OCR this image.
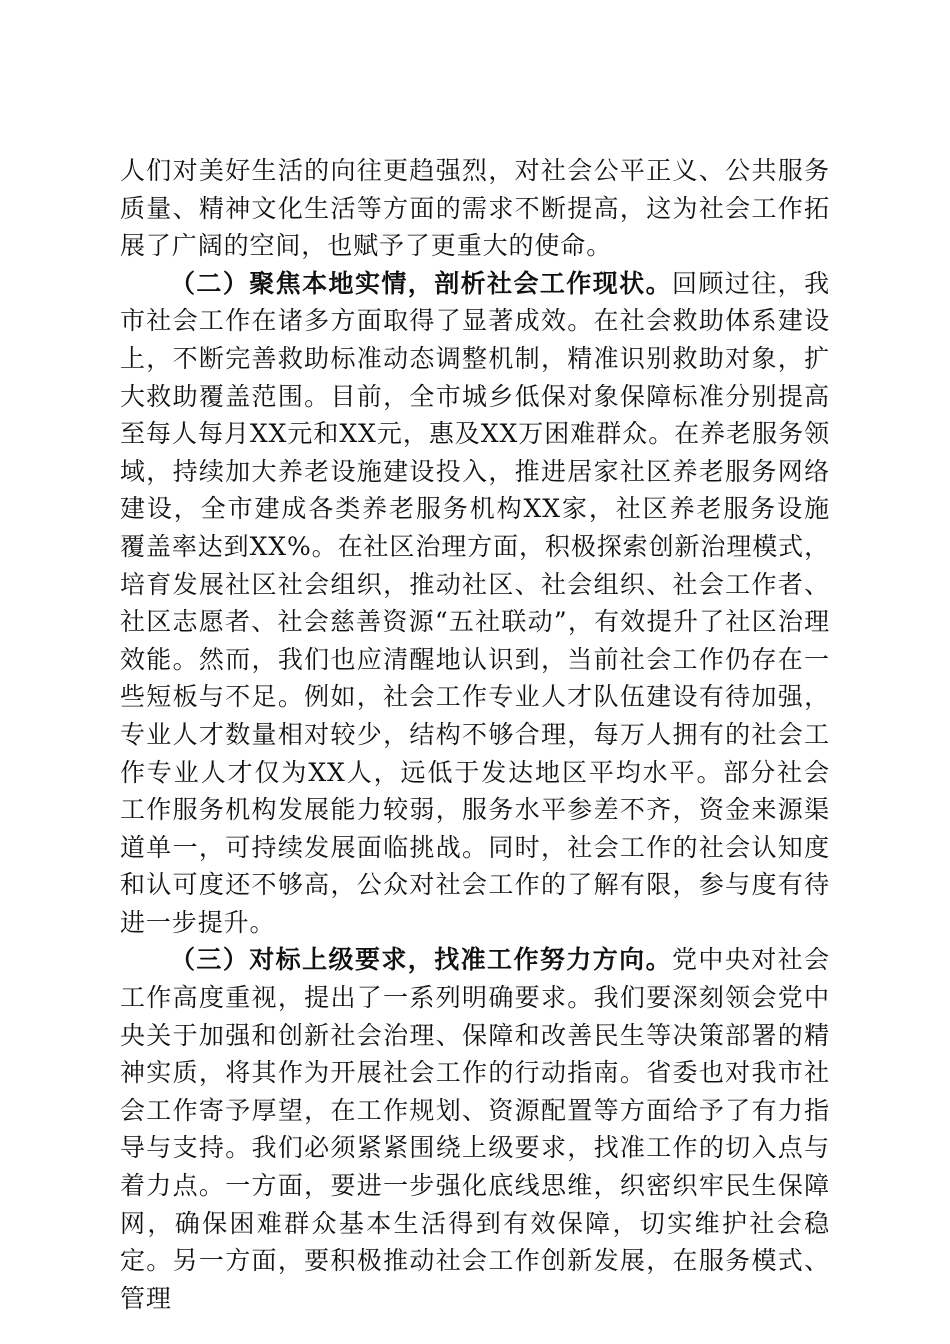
人们对美好生活的向往更趋强烈，对社会公平正义、公共服务质量、精神文化生活等方面的需求不断提高，这为社会工作拓展了广阔的空间，也赋予了更重大的使命。

（二）聚焦本地实情，剖析社会工作现状。回顾过往，我市社会工作在诸多方面取得了显著成效。在社会救助体系建设上，不断完善救助标准动态调整机制，精准识别救助对象，扩大救助覆盖范围。目前，全市城乡低保对象保障标准分别提高至每人每月XX元和XX元，惠及XX万困难群众。在养老服务领域，持续加大养老设施建设投入，推进居家社区养老服务网络建设，全市建成各类养老服务机构XX家，社区养老服务设施覆盖率达到XX%。在社区治理方面，积极探索创新治理模式，培育发展社区社会组织，推动社区、社会组织、社会工作者、社区志愿者、社会慈善资源“五社联动”，有效提升了社区治理效能。然而，我们也应清醒地认识到，当前社会工作仍存在一些短板与不足。例如，社会工作专业人才队伍建设有待加强，专业人才数量相对较少，结构不够合理，每万人拥有的社会工作专业人才仅为XX人，远低于发达地区平均水平。部分社会工作服务机构发展能力较弱，服务水平参差不齐，资金来源渠道单一，可持续发展面临挑战。同时，社会工作的社会认知度和认可度还不够高，公众对社会工作的了解有限，参与度有待进一步提升。

（三）对标上级要求，找准工作努力方向。党中央对社会工作高度重视，提出了一系列明确要求。我们要深刻领会党中央关于加强和创新社会治理、保障和改善民生等决策部署的精神实质，将其作为开展社会工作的行动指南。省委也对我市社会工作寄予厚望，在工作规划、资源配置等方面给予了有力指导与支持。我们必须紧紧围绕上级要求，找准工作的切入点与着力点。一方面，要进一步强化底线思维，织密织牢民生保障网，确保困难群众基本生活得到有效保障，切实维护社会稳定。另一方面，要积极推动社会工作创新发展，在服务模式、管理
